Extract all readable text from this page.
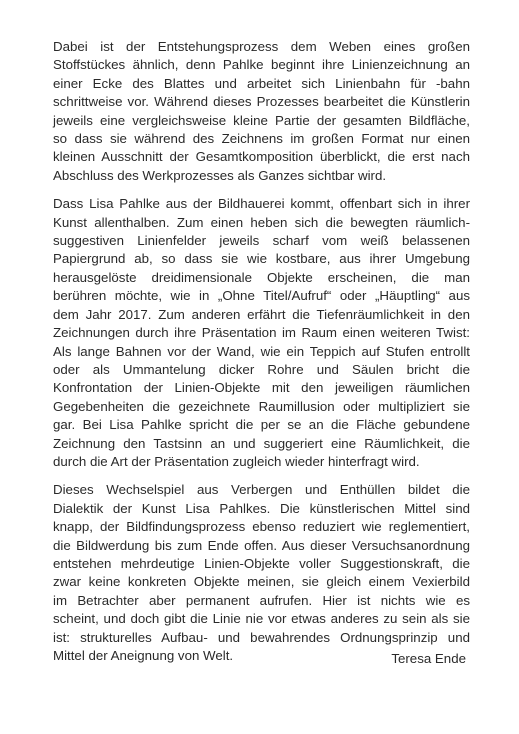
Dabei ist der Entstehungsprozess dem Weben eines großen
Stoffstückes ähnlich, denn Pahlke beginnt ihre Linienzeichnung an
einer Ecke des Blattes und arbeitet sich Linienbahn für -bahn
schrittweise vor. Während dieses Prozesses bearbeitet die Künstlerin
jeweils eine vergleichsweise kleine Partie der gesamten Bildfläche,
so dass sie während des Zeichnens im großen Format nur einen
kleinen Ausschnitt der Gesamtkomposition überblickt, die erst nach
Abschluss des Werkprozesses als Ganzes sichtbar wird.

Dass Lisa Pahlke aus der Bildhauerei kommt, offenbart sich in ihrer
Kunst allenthalben. Zum einen heben sich die bewegten räumlich-
suggestiven Linienfelder jeweils scharf vom weiß belassenen
Papiergrund ab, so dass sie wie kostbare, aus ihrer Umgebung
herausgelöste dreidimensionale Objekte erscheinen, die man
berühren möchte, wie in „Ohne Titel/Aufruf“ oder „Häuptling“ aus
dem Jahr 2017. Zum anderen erfährt die Tiefenräumlichkeit in den
Zeichnungen durch ihre Präsentation im Raum einen weiteren Twist:
Als lange Bahnen vor der Wand, wie ein Teppich auf Stufen entrollt
oder als Ummantelung dicker Rohre und Säulen bricht die
Konfrontation der Linien-Objekte mit den jeweiligen räumlichen
Gegebenheiten die gezeichnete Raumillusion oder multipliziert sie
gar. Bei Lisa Pahlke spricht die per se an die Fläche gebundene
Zeichnung den Tastsinn an und suggeriert eine Räumlichkeit, die
durch die Art der Präsentation zugleich wieder hinterfragt wird.

Dieses Wechselspiel aus Verbergen und Enthüllen bildet die
Dialektik der Kunst Lisa Pahlkes. Die künstlerischen Mittel sind
knapp, der Bildfindungsprozess ebenso reduziert wie reglementiert,
die Bildwerdung bis zum Ende offen. Aus dieser Versuchsanordnung
entstehen mehrdeutige Linien-Objekte voller Suggestionskraft, die
zwar keine konkreten Objekte meinen, sie gleich einem Vexierbild
im Betrachter aber permanent aufrufen. Hier ist nichts wie es
scheint, und doch gibt die Linie nie vor etwas anderes zu sein als sie
ist: strukturelles Aufbau- und bewahrendes Ordnungsprinzip und
Mittel der Aneignung von Welt.	Teresa Ende
